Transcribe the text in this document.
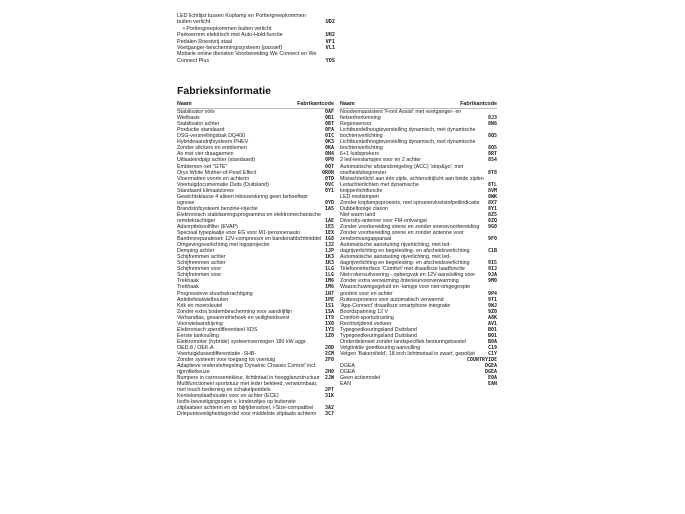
LED lichtlijst tussen Koplamp en Portiergreepkommen buiten verlicht	UD2
• Portiergreepkommen buiten verlicht
Parkeerrem elektrisch met Auto-Hold-functie	UH2
Pedalen Roestvrij staal	VF1
Voetganger-beschermingssysteem (passief)	VL1
Mobiele online diensten Voorbereiding We Connect en We Connect Plus	YOS
Fabrieksinformatie
Naam	Fabrikantcode
Stabilisator vóór	0AF
Wielbasis	0B1
Stabilisator achter	0BT
Productie standaard	0FA
DSG-versnellingsbak DQ400	0IC
Hybrideaandrijfsysteem PHEV	0K3
Zonder stickers en emblemen	0KA
As met vier draagarmen	0N4
Uitlaateindpijp achter (standaard)	0P0
Emblemen-set "GTE"	0QT
Oryx White Mother-of-Pearl Effect	0R0R
Vloermatten voorin en achterin	0TD
Voertuigdocumentatie Duits (Duitsland)	0VC
Standaard klimaatzones	0Y1
Gewichtsklasse 4 alleen inbouwsturing geen behoeftepr ognose	0YD
Brandstofsysteem benzine-injectie	1A5
Elektronisch stabiliseringsprogramma en elektromechanische remdekrachtiger	1AE
Adsorptiekoolfilter (EVAP)	1E5
Speciaal typeplaatje voor EG voor M1-personenauto	1EX
Bandenreparateset: 12V-compressor en bandenafdichtmiddel 1G8
Omgevingsverlichting met logoprojectie	1J2
Demping achter	1JP
Schijfremmen achter	1K3
Schijfremmen achter	1K3
Schijfremmen voor	1LG
Schijfremmen voor	1LG
Trekhaak	1M6
Trekhaak	1M6
Progressieve stuurbekrachtiging	1N7
Antidiefstalwielbouten	1PE
Krik en moersleutel	1S1
Zonder extra bodembescherming voor aandrijflijn	1SA
Verbandtas, gevarendriehoek en veiligheidsvest	1T9
Voorwielaandrijving	1X0
Elektronisch sperdifferentieel XDS	1Y3
Eerste tankvulling	1Z0
Elektromotor (hybride) systeemvermogen 180 kW aggr. OED.8 / OEK.A	20D
Voertuigklassedifferentiatie -SHB-	2CM
Zonder systeem voor toegang tot voertuig	2F0
Adaptieve onderstelregeling 'Dynamic Chassis Control' incl. rijprofielkeuze	2H0
Bumpers in carrosseriekleur, lichtintaal in hoogglanzstructuur	2JW
Multifunctioneel sportstuur met leder bekleed, verwarmbaar, met touch-bediening en schakelpeddels	2PT
Kentekenplaathouder voor en achter (ECE)	31K
Isofix-bevestigingsogen v. kinderzitjes op buitenste zitplaatsen achterin en op bijrijdersstoel, i-Size-compatibel	3A2
Driepuntsveiligheidsgordel voor middelste zitplaats achterin	3C7
Naam	Fabrikantcode
Noodremassistent 'Front Assist' met voetganger- en fietserherkenning	8J3
Regensensor	8N6
Lichtbundelhoogteverstelling dynamisch, met dynamische bochtenverlichting	8Q5
Lichtbundelhoogteverstelling dynamisch, met dynamische bochtenverlichting	8Q5
6+1 luidsprekers	8RT
2 led-leeslampjes voor en 2 achter	8S4
Automatische afstandsregeling (ACC) 'stop&go', met snelheidsbegrenzer	8T8
Mistachterlicht aan één zijde, achteruitrijlicht aan beide zijden Ledachterlichten met dynamische	8TL
knipperlichtfunctie	8VM
LED mistlampen	8WK
Zonder koplampsproeiers, met sproeiervloeistofpeilindicatie	8X7
Dubbeltonige claxon	8Y1
Niet warm land	8Z5
Diversity-antenne voor FM-ontvangst	8ZQ
Zonder voorbereiding sirene en zonder sirenevoorbereiding	9G0
Zonder voorbereiding sirene en zonder antenne voor zendontvangapparaat	9F0
Automatische aanstuiring rijverlichting, met led-dagrijverlichting en begeleiding- en afscheidsverlichting	C1B
Automatische aanstuiring rijverlichting, met led-dagrijverlichting en begeleiding- en afscheidsverlichting	9I5
Telefooninterface 'Comfort' met draadloze laadfunctie	9IJ
Niet-rokersuitvoering - opbergvak en 12V-aansluiting voor	9JA
Zonder extra verwarming /interieurvoorverwarming	9M0
Waarschuwingsgeluid en -lampje voor niet-omgegespte gordels voor en achter	9P4
Ruitensproeiers voor automatisch verwarmd	9T1
'App-Connect' draadloze smartphone integratie	9WJ
Boordspanning 12 V	9Z0
Comfort-sportuitrusting	A8K
Rechtsrijdend verkeer	AV1
Typegoedkeuringsland Duitsland	B01
Typegoedkeuringsland Duitsland	B01
Onderdelenset zonder landspecifiek besturingstoestel	B0A
Velgtinktie goedkeuring aanvulling	C19
Velgen 'Bakersfield', 18 inch lichtmetaal in zwart, gepolijst	C1Y
COUNTRYIDE
DGEA	DGEA
DGEA	DGEA
Geen actiemodel	E0A
EAN	EAN
